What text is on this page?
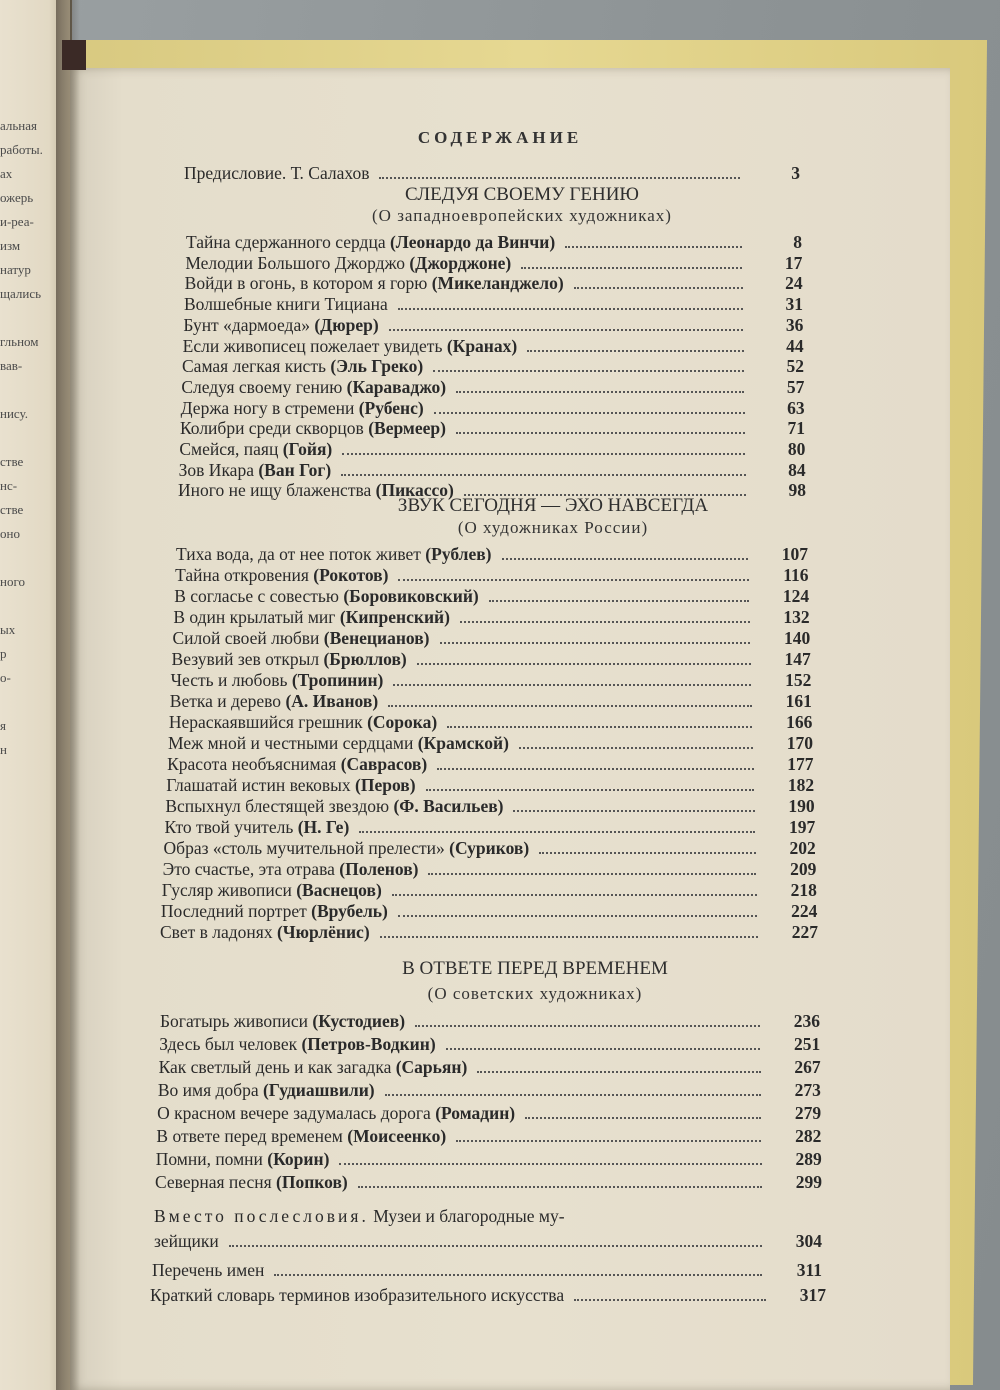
альная
работы.
ах
ожерь
и-реа-
изм
натур
щались
гльном
вав-
нису.
стве
нс-
стве
оно
ного
ых
р
о-
я
н
СОДЕРЖАНИЕ
Предисловие. Т. Салахов	3
СЛЕДУЯ СВОЕМУ ГЕНИЮ
(О западноевропейских художниках)
Тайна сдержанного сердца (Леонардо да Винчи)	8
Мелодии Большого Джорджо (Джорджоне)	17
Войди в огонь, в котором я горю (Микеланджело)	24
Волшебные книги Тициана	31
Бунт «дармоеда» (Дюрер)	36
Если живописец пожелает увидеть (Кранах)	44
Самая легкая кисть (Эль Греко)	52
Следуя своему гению (Караваджо)	57
Держа ногу в стремени (Рубенс)	63
Колибри среди скворцов (Вермеер)	71
Смейся, паяц (Гойя)	80
Зов Икара (Ван Гог)	84
Иного не ищу блаженства (Пикассо)	98
ЗВУК СЕГОДНЯ — ЭХО НАВСЕГДА
(О художниках России)
Тиха вода, да от нее поток живет (Рублев)	107
Тайна откровения (Рокотов)	116
В согласье с совестью (Боровиковский)	124
В один крылатый миг (Кипренский)	132
Силой своей любви (Венецианов)	140
Везувий зев открыл (Брюллов)	147
Честь и любовь (Тропинин)	152
Ветка и дерево (А. Иванов)	161
Нераскаявшийся грешник (Сорока)	166
Меж мной и честными сердцами (Крамской)	170
Красота необъяснимая (Саврасов)	177
Глашатай истин вековых (Перов)	182
Вспыхнул блестящей звездою (Ф. Васильев)	190
Кто твой учитель (Н. Ге)	197
Образ «столь мучительной прелести» (Суриков)	202
Это счастье, эта отрава (Поленов)	209
Гусляр живописи (Васнецов)	218
Последний портрет (Врубель)	224
Свет в ладонях (Чюрлёнис)	227
В ОТВЕТЕ ПЕРЕД ВРЕМЕНЕМ
(О советских художниках)
Богатырь живописи (Кустодиев)	236
Здесь был человек (Петров-Водкин)	251
Как светлый день и как загадка (Сарьян)	267
Во имя добра (Гудиашвили)	273
О красном вечере задумалась дорога (Ромадин)	279
В ответе перед временем (Моисеенко)	282
Помни, помни (Корин)	289
Северная песня (Попков)	299
Вместо послесловия. Музеи и благородные му-
зейщики	304
Перечень имен	311
Краткий словарь терминов изобразительного искусства	317
